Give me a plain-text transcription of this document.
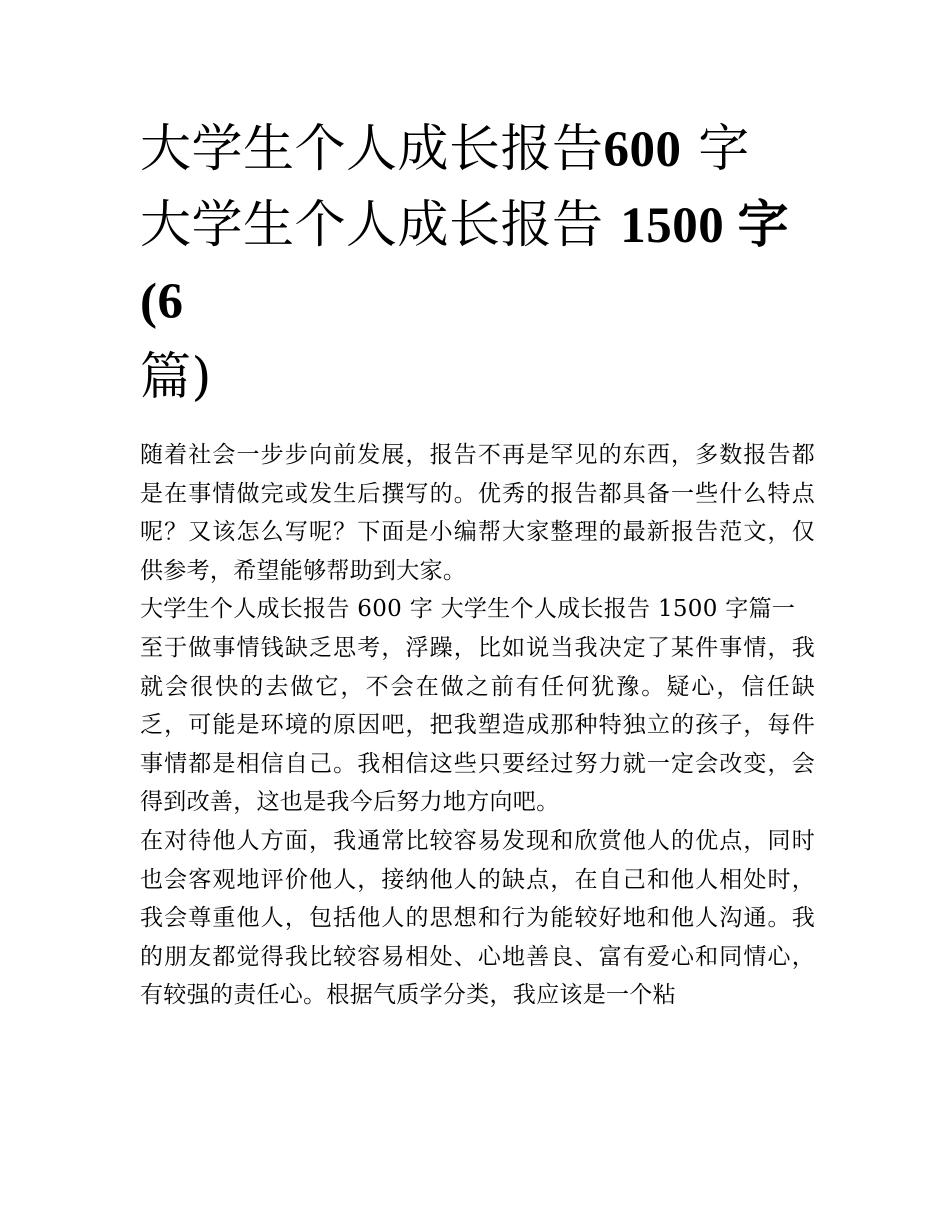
大学生个人成长报告600 字 大学生个人成长报告 1500 字(6
篇)

随着社会一步步向前发展，报告不再是罕见的东西，多数报告都是在事情做完或发生后撰写的。优秀的报告都具备一些什么特点呢？又该怎么写呢？下面是小编帮大家整理的最新报告范文，仅供参考，希望能够帮助到大家。

大学生个人成长报告 600 字 大学生个人成长报告 1500 字篇一

至于做事情钱缺乏思考，浮躁，比如说当我决定了某件事情，我就会很快的去做它，不会在做之前有任何犹豫。疑心，信任缺乏，可能是环境的原因吧，把我塑造成那种特独立的孩子，每件事情都是相信自己。我相信这些只要经过努力就一定会改变，会得到改善，这也是我今后努力地方向吧。

在对待他人方面，我通常比较容易发现和欣赏他人的优点，同时也会客观地评价他人，接纳他人的缺点，在自己和他人相处时，我会尊重他人，包括他人的思想和行为能较好地和他人沟通。我的朋友都觉得我比较容易相处、心地善良、富有爱心和同情心，有较强的责任心。根据气质学分类，我应该是一个粘
